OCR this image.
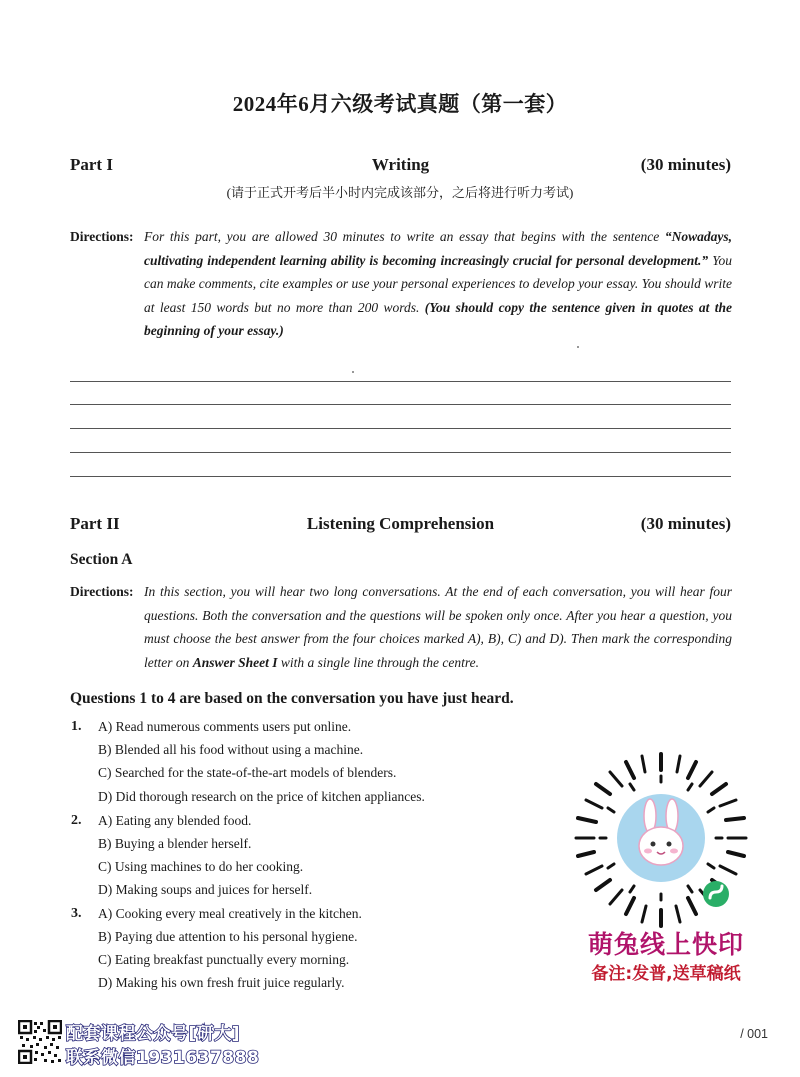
2024年6月六级考试真题（第一套）
Part I	Writing	(30 minutes)
(请于正式开考后半小时内完成该部分，之后将进行听力考试)
Directions: For this part, you are allowed 30 minutes to write an essay that begins with the sentence “Nowadays, cultivating independent learning ability is becoming increasingly crucial for personal development.” You can make comments, cite examples or use your personal experiences to develop your essay. You should write at least 150 words but no more than 200 words. (You should copy the sentence given in quotes at the beginning of your essay.)
Part II	Listening Comprehension	(30 minutes)
Section A
Directions: In this section, you will hear two long conversations. At the end of each conversation, you will hear four questions. Both the conversation and the questions will be spoken only once. After you hear a question, you must choose the best answer from the four choices marked A), B), C) and D). Then mark the corresponding letter on Answer Sheet I with a single line through the centre.
Questions 1 to 4 are based on the conversation you have just heard.
1. A) Read numerous comments users put online.
B) Blended all his food without using a machine.
C) Searched for the state-of-the-art models of blenders.
D) Did thorough research on the price of kitchen appliances.
2. A) Eating any blended food.
B) Buying a blender herself.
C) Using machines to do her cooking.
D) Making soups and juices for herself.
3. A) Cooking every meal creatively in the kitchen.
B) Paying due attention to his personal hygiene.
C) Eating breakfast punctually every morning.
D) Making his own fresh fruit juice regularly.
萌兔线上快印
备注:发普,送草稿纸
配套课程公众号[研大]
联系微信1931637888
/ 001
